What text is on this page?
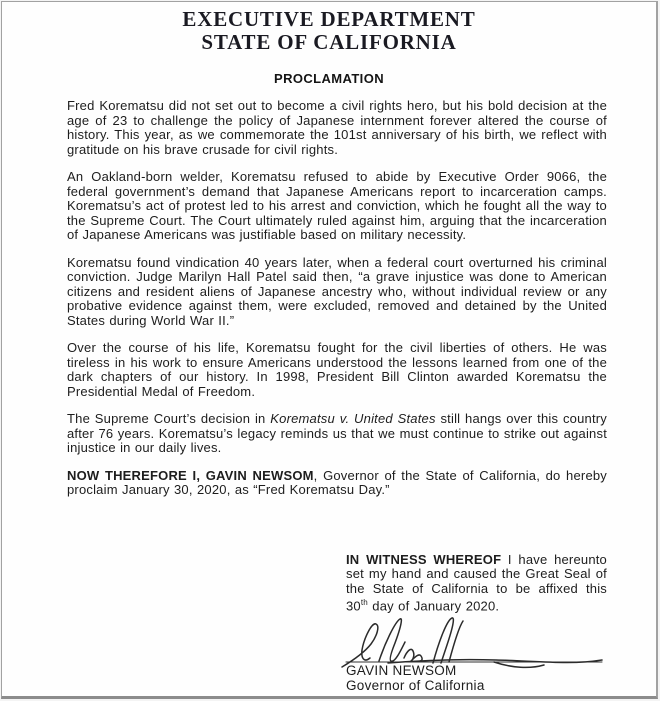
EXECUTIVE DEPARTMENT
STATE OF CALIFORNIA
PROCLAMATION

Fred Korematsu did not set out to become a civil rights hero, but his bold decision at the age of 23 to challenge the policy of Japanese internment forever altered the course of history. This year, as we commemorate the 101st anniversary of his birth, we reflect with gratitude on his brave crusade for civil rights.

An Oakland-born welder, Korematsu refused to abide by Executive Order 9066, the federal government’s demand that Japanese Americans report to incarceration camps. Korematsu’s act of protest led to his arrest and conviction, which he fought all the way to the Supreme Court. The Court ultimately ruled against him, arguing that the incarceration of Japanese Americans was justifiable based on military necessity.

Korematsu found vindication 40 years later, when a federal court overturned his criminal conviction. Judge Marilyn Hall Patel said then, “a grave injustice was done to American citizens and resident aliens of Japanese ancestry who, without individual review or any probative evidence against them, were excluded, removed and detained by the United States during World War II.”

Over the course of his life, Korematsu fought for the civil liberties of others. He was tireless in his work to ensure Americans understood the lessons learned from one of the dark chapters of our history. In 1998, President Bill Clinton awarded Korematsu the Presidential Medal of Freedom.

The Supreme Court’s decision in Korematsu v. United States still hangs over this country after 76 years. Korematsu’s legacy reminds us that we must continue to strike out against injustice in our daily lives.

NOW THEREFORE I, GAVIN NEWSOM, Governor of the State of California, do hereby proclaim January 30, 2020, as “Fred Korematsu Day.”

IN WITNESS WHEREOF I have hereunto set my hand and caused the Great Seal of the State of California to be affixed this 30th day of January 2020.

GAVIN NEWSOM
Governor of California
